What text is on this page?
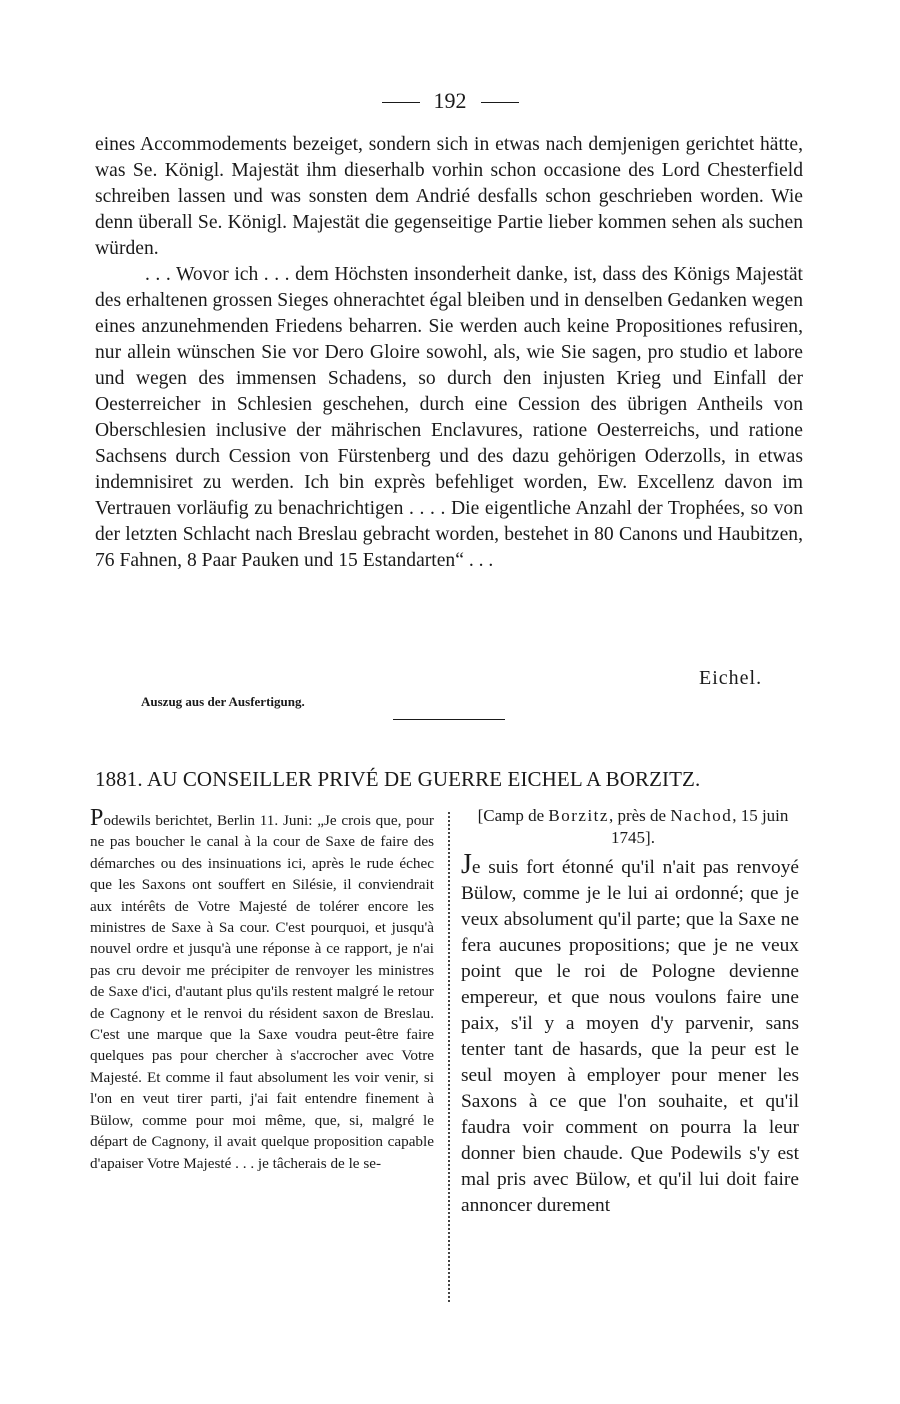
192

eines Accommodements bezeiget, sondern sich in etwas nach demjenigen gerichtet hätte, was Se. Königl. Majestät ihm dieserhalb vorhin schon occasione des Lord Chesterfield schreiben lassen und was sonsten dem Andrié desfalls schon geschrieben worden. Wie denn überall Se. Königl. Majestät die gegenseitige Partie lieber kommen sehen als suchen würden.

. . . Wovor ich . . . dem Höchsten insonderheit danke, ist, dass des Königs Majestät des erhaltenen grossen Sieges ohnerachtet égal bleiben und in denselben Gedanken wegen eines anzunehmenden Friedens beharren. Sie werden auch keine Propositiones refusiren, nur allein wünschen Sie vor Dero Gloire sowohl, als, wie Sie sagen, pro studio et labore und wegen des immensen Schadens, so durch den injusten Krieg und Einfall der Oesterreicher in Schlesien geschehen, durch eine Cession des übrigen Antheils von Oberschlesien inclusive der mährischen Enclavures, ratione Oesterreichs, und ratione Sachsens durch Cession von Fürstenberg und des dazu gehörigen Oderzolls, in etwas indemnisiret zu werden. Ich bin exprès befehliget worden, Ew. Excellenz davon im Vertrauen vorläufig zu benachrichtigen . . . . Die eigentliche Anzahl der Trophées, so von der letzten Schlacht nach Breslau gebracht worden, bestehet in 80 Canons und Haubitzen, 76 Fahnen, 8 Paar Pauken und 15 Estandarten“ . . .

Eichel.
Auszug aus der Ausfertigung.
1881. AU CONSEILLER PRIVÉ DE GUERRE EICHEL A BORZITZ.
Podewils berichtet, Berlin 11. Juni: „Je crois que, pour ne pas boucher le canal à la cour de Saxe de faire des démarches ou des insinuations ici, après le rude échec que les Saxons ont souffert en Silésie, il conviendrait aux intérêts de Votre Majesté de tolérer encore les ministres de Saxe à Sa cour. C'est pourquoi, et jusqu'à nouvel ordre et jusqu'à une réponse à ce rapport, je n'ai pas cru devoir me précipiter de renvoyer les ministres de Saxe d'ici, d'autant plus qu'ils restent malgré le retour de Cagnony et le renvoi du résident saxon de Breslau. C'est une marque que la Saxe voudra peut-être faire quelques pas pour chercher à s'accrocher avec Votre Majesté. Et comme il faut absolument les voir venir, si l'on en veut tirer parti, j'ai fait entendre finement à Bülow, comme pour moi même, que, si, malgré le départ de Cagnony, il avait quelque proposition capable d'apaiser Votre Majesté . . . je tâcherais de le se-
[Camp de Borzitz, près de Nachod, 15 juin 1745].
Je suis fort étonné qu'il n'ait pas renvoyé Bülow, comme je le lui ai ordonné; que je veux absolument qu'il parte; que la Saxe ne fera aucunes propositions; que je ne veux point que le roi de Pologne devienne empereur, et que nous voulons faire une paix, s'il y a moyen d'y parvenir, sans tenter tant de hasards, que la peur est le seul moyen à employer pour mener les Saxons à ce que l'on souhaite, et qu'il faudra voir comment on pourra la leur donner bien chaude. Que Podewils s'y est mal pris avec Bülow, et qu'il lui doit faire annoncer durement
